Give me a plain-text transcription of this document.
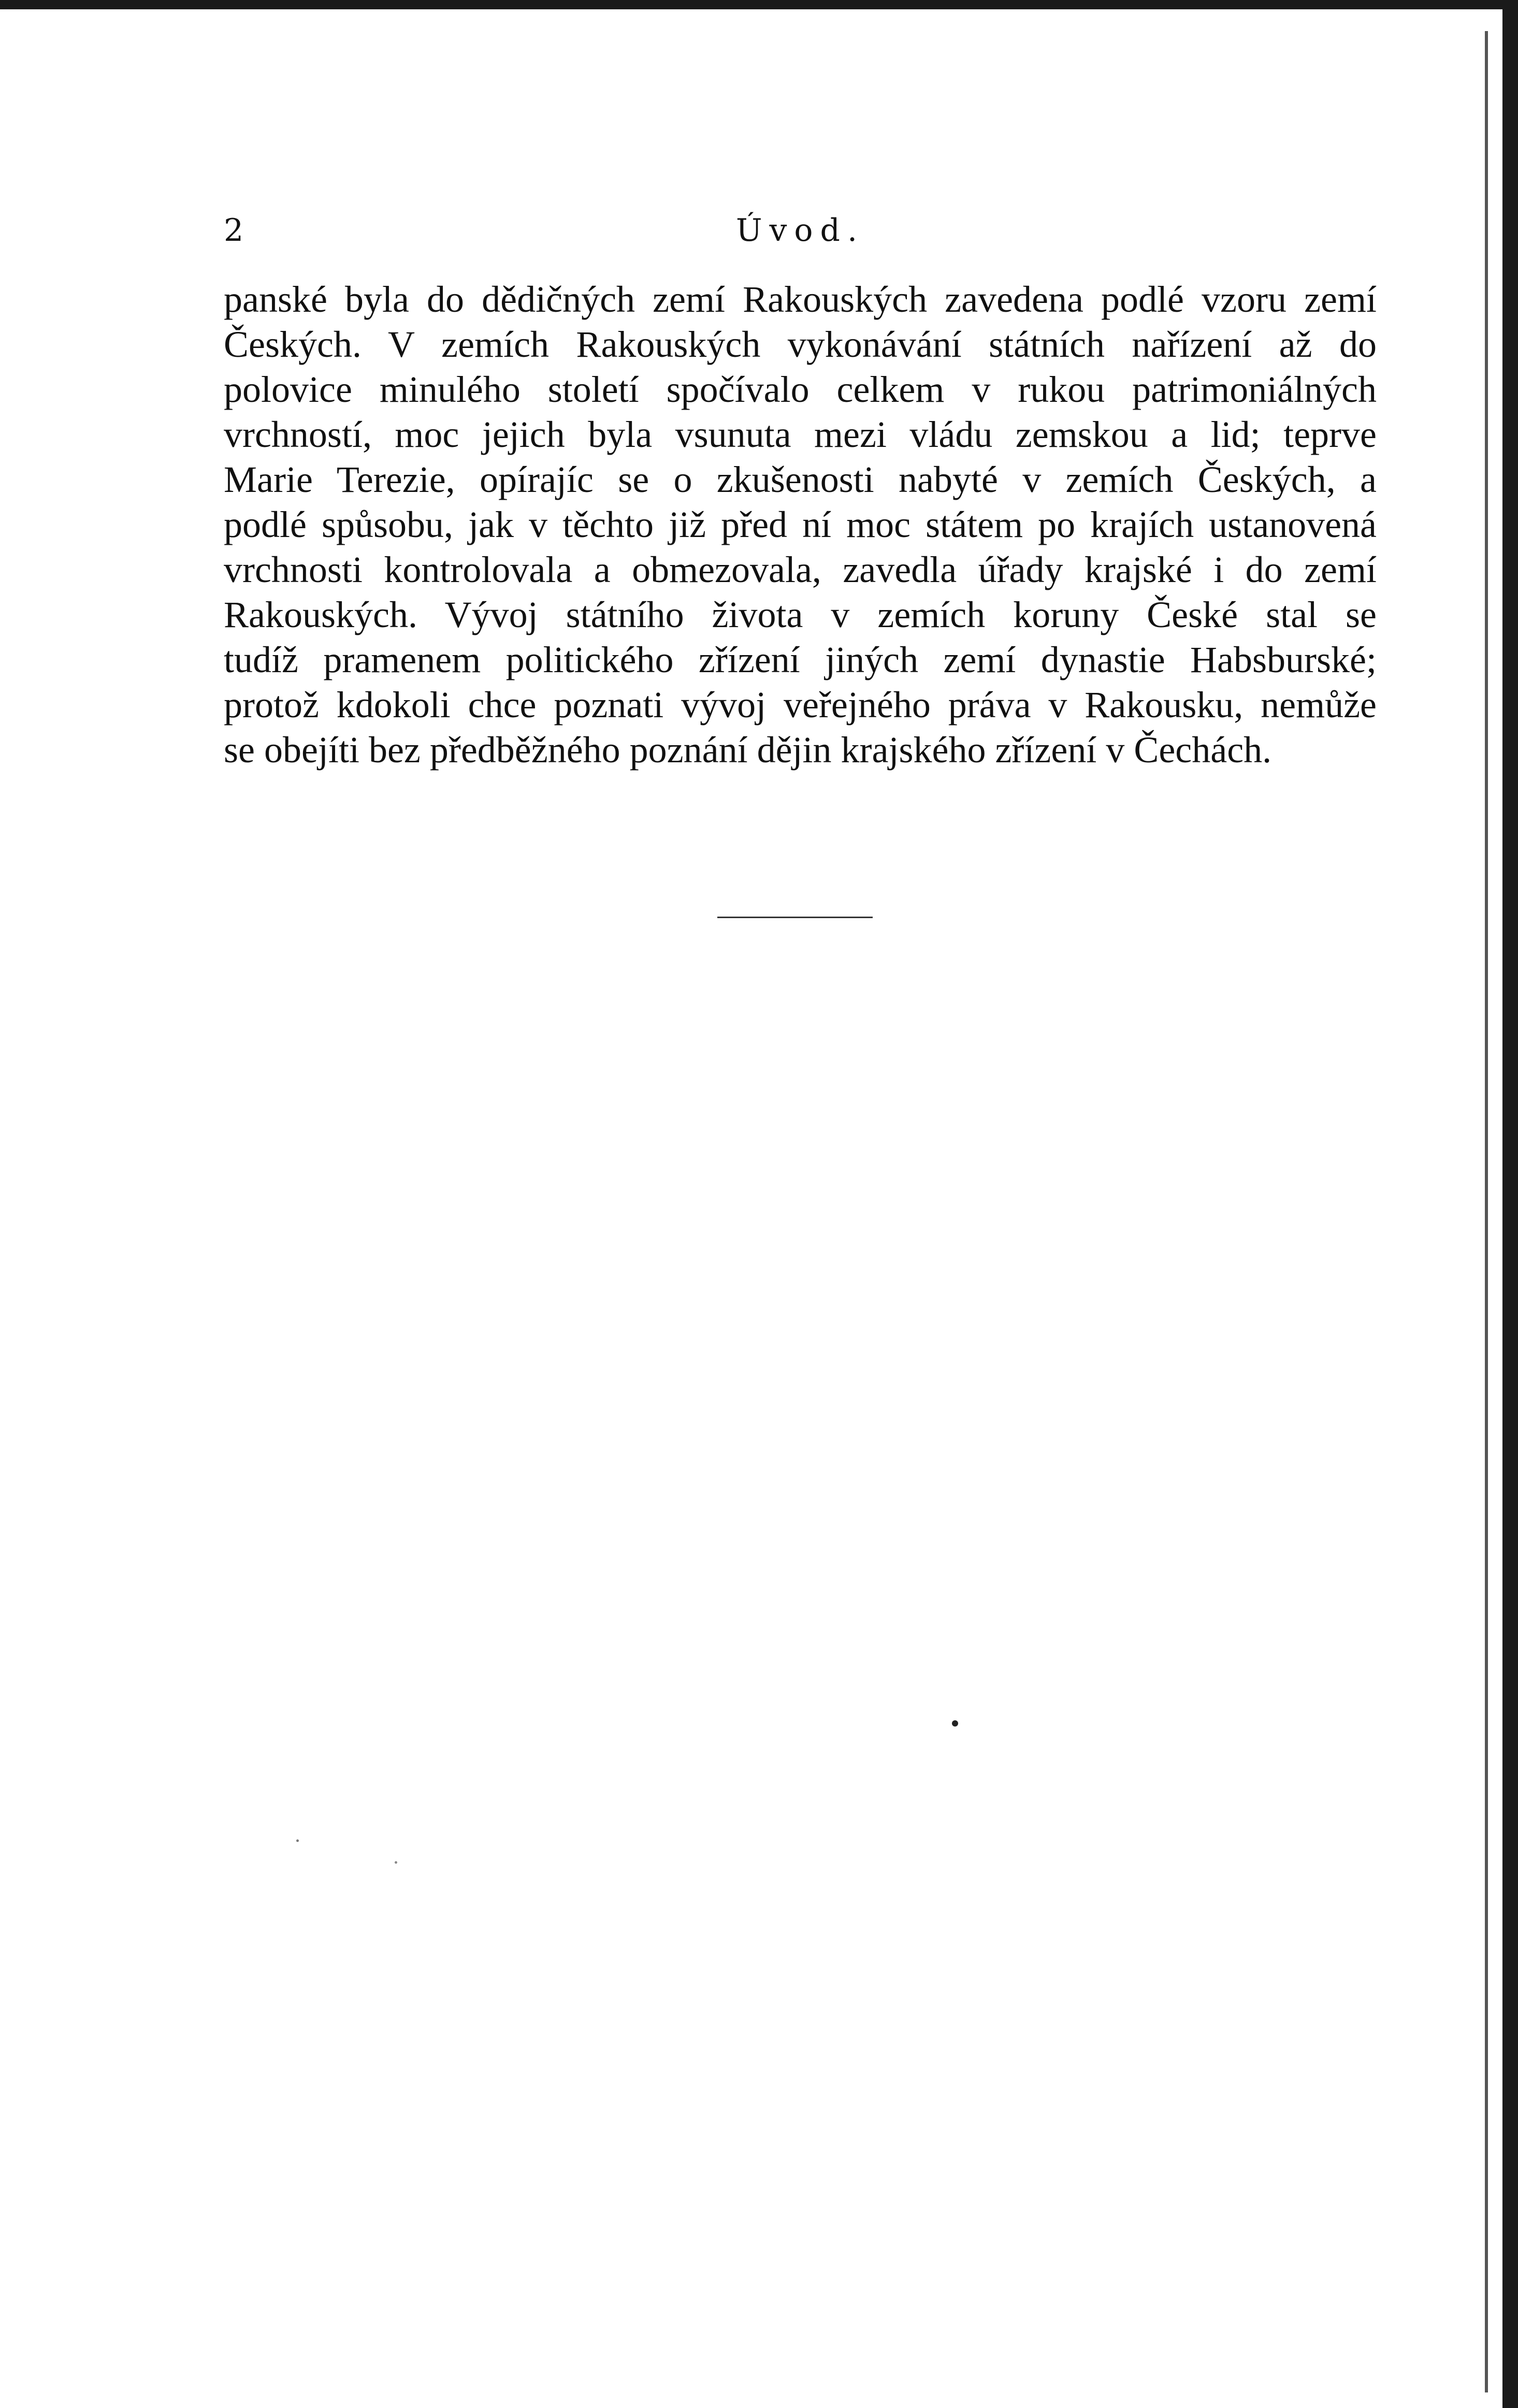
2	Úvod.
panské byla do dědičných zemí Rakouských zavedena podlé vzoru zemí
Českých. V zemích Rakouských vykonávání státních nařízení až do
polovice minulého století spočívalo celkem v rukou patrimoniálných
vrchností, moc jejich byla vsunuta mezi vládu zemskou a lid; teprve
Marie Terezie, opírajíc se o zkušenosti nabyté v zemích Českých, a
podlé spůsobu, jak v těchto již před ní moc státem po krajích ustanovená
vrchnosti kontrolovala a obmezovala, zavedla úřady krajské i do zemí
Rakouských. Vývoj státního života v zemích koruny České stal se
tudíž pramenem politického zřízení jiných zemí dynastie Habsburské;
protož kdokoli chce poznati vývoj veřejného práva v Rakousku, nemůže
se obejíti bez předběžného poznání dějin krajského zřízení v Čechách.
